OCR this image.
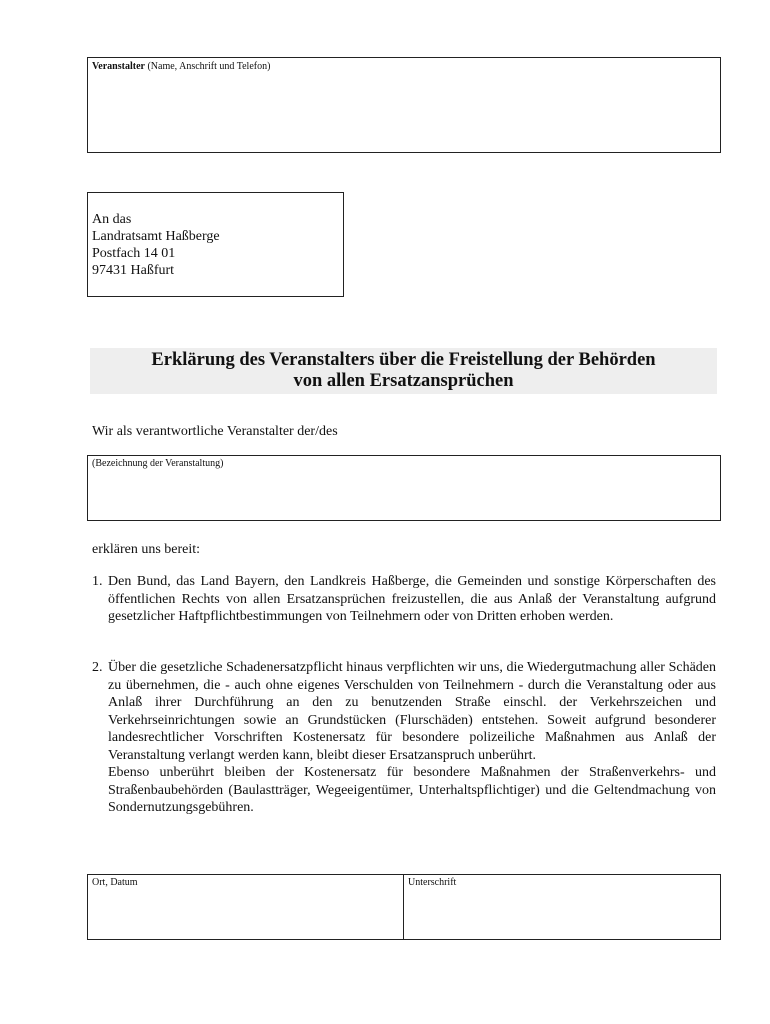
Veranstalter (Name, Anschrift und Telefon)
An das
Landratsamt Haßberge
Postfach 14 01
97431 Haßfurt
Erklärung des Veranstalters über die Freistellung der Behörden
von allen Ersatzansprüchen
Wir als verantwortliche Veranstalter der/des
(Bezeichnung der Veranstaltung)
erklären uns bereit:
1. Den Bund, das Land Bayern, den Landkreis Haßberge, die Gemeinden und sonstige Körperschaften des öffentlichen Rechts von allen Ersatzansprüchen freizustellen, die aus Anlaß der Veranstaltung aufgrund gesetzlicher Haftpflichtbestimmungen von Teilnehmern oder von Dritten erhoben werden.

2. Über die gesetzliche Schadenersatzpflicht hinaus verpflichten wir uns, die Wiedergutmachung aller Schäden zu übernehmen, die - auch ohne eigenes Verschulden von Teilnehmern - durch die Veranstaltung oder aus Anlaß ihrer Durchführung an den zu benutzenden Straße einschl. der Verkehrszeichen und Verkehrseinrichtungen sowie an Grundstücken (Flurschäden) entstehen. Soweit aufgrund besonderer landesrechtlicher Vorschriften Kostenersatz für besondere polizeiliche Maßnahmen aus Anlaß der Veranstaltung verlangt werden kann, bleibt dieser Ersatzanspruch unberührt.

Ebenso unberührt bleiben der Kostenersatz für besondere Maßnahmen der Straßenverkehrs- und Straßenbaubehörden (Baulastträger, Wegeeigentümer, Unterhaltspflichtiger) und die Geltendmachung von Sondernutzungsgebühren.

Ort, Datum	Unterschrift
